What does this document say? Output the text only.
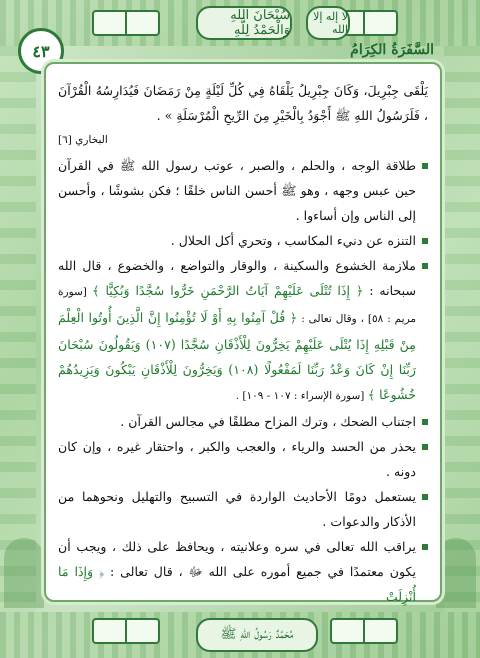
سُبْحَانَ اللهِ وَالْحَمْدُ لِلَّهِ
لا إله إلا الله
مُحَمَّدٌ رَسُولُ اللهِ ﷺ
٤٣	السَّفَرَةُ الكِرَامُ

يَلْقَى جِبْرِيلَ، وَكَانَ جِبْرِيلُ يَلْقَاهُ فِي كُلِّ لَيْلَةٍ مِنْ رَمَضَانَ فَيُدَارِسُهُ الْقُرْآنَ ، فَلَرَسُولُ اللهِ ﷺ أَجْوَدُ بِالْخَيْرِ مِنَ الرِّيحِ الْمُرْسَلَةِ » .

البخاري [٦]

طلاقة الوجه ، والحلم ، والصبر ، عوتب رسول الله ﷺ في القرآن حين عبس وجهه ، وهو ﷺ أحسن الناس خلقًا ؛ فكن بشوشًا ، وأحسن إلى الناس وإن أساءوا .

التنزه عن دنيء المكاسب ، وتحري أكل الحلال .

ملازمة الخشوع والسكينة ، والوقار والتواضع ، والخضوع ، قال الله سبحانه : ﴿ إِذَا تُتْلَى عَلَيْهِمْ آيَاتُ الرَّحْمَنِ خَرُّوا سُجَّدًا وَبُكِيًّا ﴾ [سورة مريم : ٥٨] ، وقال تعالى : ﴿ قُلْ آمِنُوا بِهِ أَوْ لَا تُؤْمِنُوا إِنَّ الَّذِينَ أُوتُوا الْعِلْمَ مِنْ قَبْلِهِ إِذَا يُتْلَى عَلَيْهِمْ يَخِرُّونَ لِلْأَذْقَانِ سُجَّدًا (١٠٧) وَيَقُولُونَ سُبْحَانَ رَبِّنَا إِنْ كَانَ وَعْدُ رَبِّنَا لَمَفْعُولًا (١٠٨) وَيَخِرُّونَ لِلْأَذْقَانِ يَبْكُونَ وَيَزِيدُهُمْ خُشُوعًا ﴾ [سورة الإسراء : ١٠٧ - ١٠٩] .

اجتناب الضحك ، وترك المزاح مطلقًا في مجالس القرآن .

يحذر من الحسد والرياء ، والعجب والكبر ، واحتقار غيره ، وإن كان دونه .

يستعمل دومًا الأحاديث الواردة في التسبيح والتهليل ونحوهما من الأذكار والدعوات .

يراقب الله تعالى في سره وعلانيته ، ويحافظ على ذلك ، ويجب أن يكون معتمدًا في جميع أموره على الله ﷻ ، قال تعالى : ﴿ وَإِذَا مَا أُنْزِلَتْ
